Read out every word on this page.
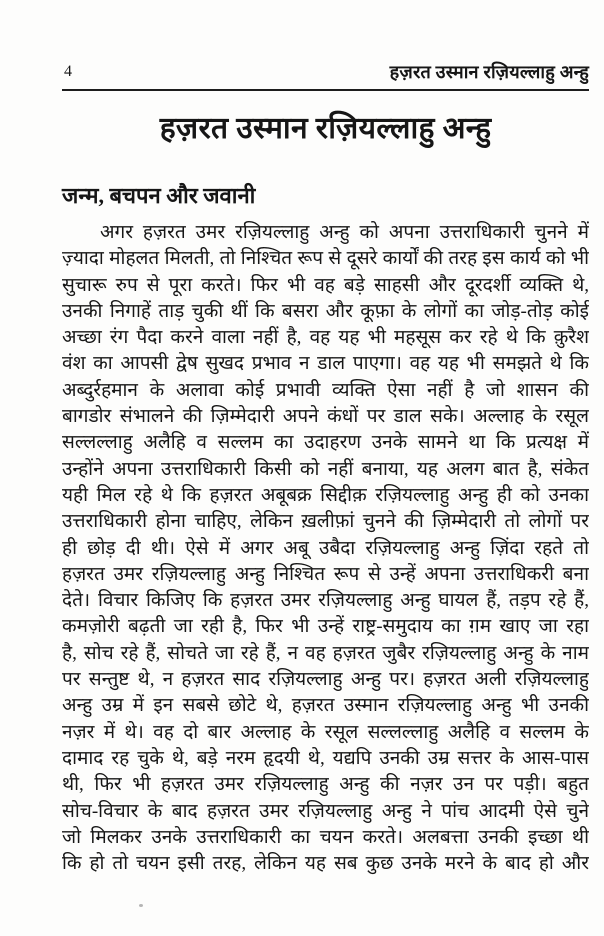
4	हज़रत उस्मान रज़ियल्लाहु अन्हु
हज़रत उस्मान रज़ियल्लाहु अन्हु
जन्म, बचपन और जवानी
अगर हज़रत उमर रज़ियल्लाहु अन्हु को अपना उत्तराधिकारी चुनने में
ज़्यादा मोहलत मिलती, तो निश्चित रूप से दूसरे कार्यों की तरह इस कार्य को भी
सुचारू रुप से पूरा करते। फिर भी वह बड़े साहसी और दूरदर्शी व्यक्ति थे,
उनकी निगाहें ताड़ चुकी थीं कि बसरा और कूफ़ा के लोगों का जोड़-तोड़ कोई
अच्छा रंग पैदा करने वाला नहीं है, वह यह भी महसूस कर रहे थे कि क़ुरैश
वंश का आपसी द्वेष सुखद प्रभाव न डाल पाएगा। वह यह भी समझते थे कि
अब्दुर्रहमान के अलावा कोई प्रभावी व्यक्ति ऐसा नहीं है जो शासन की
बागडोर संभालने की ज़िम्मेदारी अपने कंधों पर डाल सके। अल्लाह के रसूल
सल्लल्लाहु अलैहि व सल्लम का उदाहरण उनके सामने था कि प्रत्यक्ष में
उन्होंने अपना उत्तराधिकारी किसी को नहीं बनाया, यह अलग बात है, संकेत
यही मिल रहे थे कि हज़रत अबूबक्र सिद्दीक़ रज़ियल्लाहु अन्हु ही को उनका
उत्तराधिकारी होना चाहिए, लेकिन ख़लीफ़ां चुनने की ज़िम्मेदारी तो लोगों पर
ही छोड़ दी थी। ऐसे में अगर अबू उबैदा रज़ियल्लाहु अन्हु ज़िंदा रहते तो
हज़रत उमर रज़ियल्लाहु अन्हु निश्चित रूप से उन्हें अपना उत्तराधिकरी बना
देते। विचार किजिए कि हज़रत उमर रज़ियल्लाहु अन्हु घायल हैं, तड़प रहे हैं,
कमज़ोरी बढ़ती जा रही है, फिर भी उन्हें राष्ट्र-समुदाय का ग़म खाए जा रहा
है, सोच रहे हैं, सोचते जा रहे हैं, न वह हज़रत जुबैर रज़ियल्लाहु अन्हु के नाम
पर सन्तुष्ट थे, न हज़रत साद रज़ियल्लाहु अन्हु पर। हज़रत अली रज़ियल्लाहु
अन्हु उम्र में इन सबसे छोटे थे, हज़रत उस्मान रज़ियल्लाहु अन्हु भी उनकी
नज़र में थे। वह दो बार अल्लाह के रसूल सल्लल्लाहु अलैहि व सल्लम के
दामाद रह चुके थे, बड़े नरम हृदयी थे, यद्यपि उनकी उम्र सत्तर के आस-पास
थी, फिर भी हज़रत उमर रज़ियल्लाहु अन्हु की नज़र उन पर पड़ी। बहुत
सोच-विचार के बाद हज़रत उमर रज़ियल्लाहु अन्हु ने पांच आदमी ऐसे चुने
जो मिलकर उनके उत्तराधिकारी का चयन करते। अलबत्ता उनकी इच्छा थी
कि हो तो चयन इसी तरह, लेकिन यह सब कुछ उनके मरने के बाद हो और
